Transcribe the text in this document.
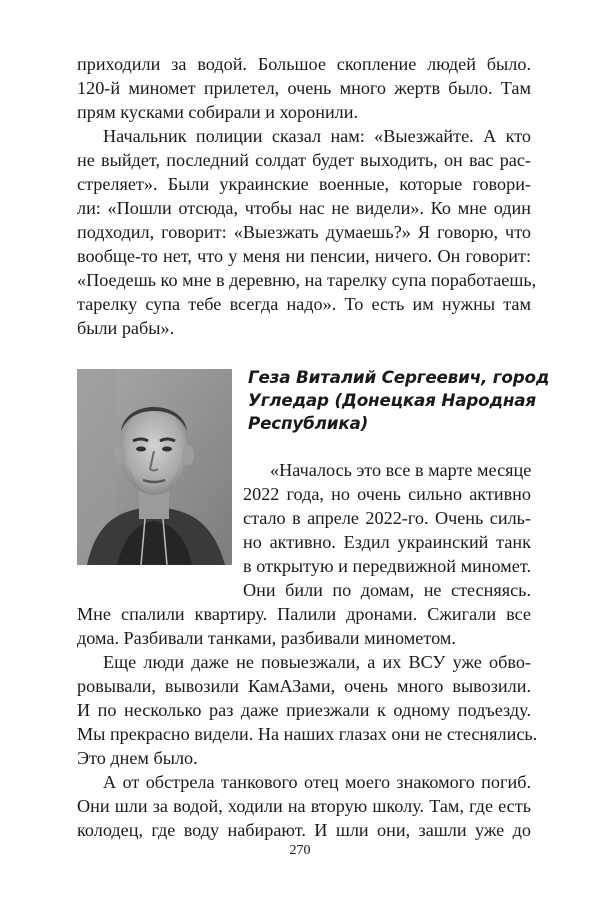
приходили за водой. Большое скопление людей было.
120-й миномет прилетел, очень много жертв было. Там
прям кусками собирали и хоронили.
Начальник полиции сказал нам: «Выезжайте. А кто
не выйдет, последний солдат будет выходить, он вас рас-
стреляет». Были украинские военные, которые говори-
ли: «Пошли отсюда, чтобы нас не видели». Ко мне один
подходил, говорит: «Выезжать думаешь?» Я говорю, что
вообще-то нет, что у меня ни пенсии, ничего. Он говорит:
«Поедешь ко мне в деревню, на тарелку супа поработаешь,
тарелку супа тебе всегда надо». То есть им нужны там
были рабы».
Геза Виталий Сергеевич, город
Угледар (Донецкая Народная
Республика)
«Началось это все в марте месяце
2022 года, но очень сильно активно
стало в апреле 2022-го. Очень силь-
но активно. Ездил украинский танк
в открытую и передвижной миномет.
Они били по домам, не стесняясь.
Мне спалили квартиру. Палили дронами. Сжигали все
дома. Разбивали танками, разбивали минометом.
Еще люди даже не повыезжали, а их ВСУ уже обво-
ровывали, вывозили КамАЗами, очень много вывозили.
И по несколько раз даже приезжали к одному подъезду.
Мы прекрасно видели. На наших глазах они не стеснялись.
Это днем было.
А от обстрела танкового отец моего знакомого погиб.
Они шли за водой, ходили на вторую школу. Там, где есть
колодец, где воду набирают. И шли они, зашли уже до
270
